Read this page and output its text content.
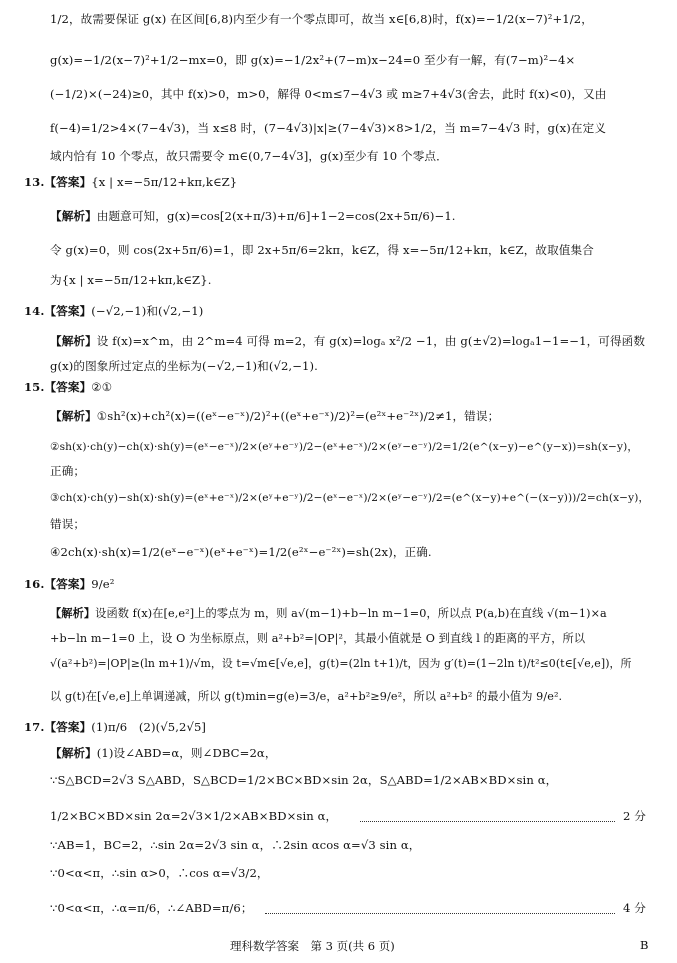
1/2，故需要保证 g(x) 在区间[6,8)内至少有一个零点即可，故当 x∈[6,8)时，f(x)=−1/2(x−7)²+1/2，
g(x)=−1/2(x−7)²+1/2−mx=0，即 g(x)=−1/2x²+(7−m)x−24=0 至少有一解，有(7−m)²−4×
(−1/2)×(−24)≥0，其中 f(x)>0，m>0，解得 0<m≤7−4√3 或 m≥7+4√3(舍去，此时 f(x)<0)，又由
f(−4)=1/2>4×(7−4√3)，当 x≤8 时，(7−4√3)|x|≥(7−4√3)×8>1/2，当 m=7−4√3 时，g(x)在定义
域内恰有 10 个零点，故只需要令 m∈(0,7−4√3]，g(x)至少有 10 个零点．
13.【答案】{x | x=−5π/12+kπ,k∈Z}
【解析】由题意可知，g(x)=cos[2(x+π/3)+π/6]+1−2=cos(2x+5π/6)−1.
令 g(x)=0，则 cos(2x+5π/6)=1，即 2x+5π/6=2kπ，k∈Z，得 x=−5π/12+kπ，k∈Z，故取值集合
为{x | x=−5π/12+kπ,k∈Z}.
14.【答案】(−√2,−1)和(√2,−1)
【解析】设 f(x)=x^m，由 2^m=4 可得 m=2，有 g(x)=logₐ x²/2 −1，由 g(±√2)=logₐ1−1=−1，可得函数
g(x)的图象所过定点的坐标为(−√2,−1)和(√2,−1).
15.【答案】②①
【解析】①sh²(x)+ch²(x)=((eˣ−e⁻ˣ)/2)²+((eˣ+e⁻ˣ)/2)²=(e²ˣ+e⁻²ˣ)/2≠1，错误；
②sh(x)·ch(y)−ch(x)·sh(y)=(eˣ−e⁻ˣ)/2×(eʸ+e⁻ʸ)/2−(eˣ+e⁻ˣ)/2×(eʸ−e⁻ʸ)/2=1/2(e^(x−y)−e^(y−x))=sh(x−y)，
正确；
③ch(x)·ch(y)−sh(x)·sh(y)=(eˣ+e⁻ˣ)/2×(eʸ+e⁻ʸ)/2−(eˣ−e⁻ˣ)/2×(eʸ−e⁻ʸ)/2=(e^(x−y)+e^(−(x−y)))/2=ch(x−y)，
错误；
④2ch(x)·sh(x)=1/2(eˣ−e⁻ˣ)(eˣ+e⁻ˣ)=1/2(e²ˣ−e⁻²ˣ)=sh(2x)，正确.
16.【答案】9/e²
【解析】设函数 f(x)在[e,e²]上的零点为 m，则 a√(m−1)+b−ln m−1=0，所以点 P(a,b)在直线 √(m−1)×a
+b−ln m−1=0 上，设 O 为坐标原点，则 a²+b²=|OP|²，其最小值就是 O 到直线 l 的距离的平方，所以
√(a²+b²)=|OP|≥(ln m+1)/√m，设 t=√m∈[√e,e]，g(t)=(2ln t+1)/t，因为 g′(t)=(1−2ln t)/t²≤0(t∈[√e,e])，所
以 g(t)在[√e,e]上单调递减，所以 g(t)min=g(e)=3/e，a²+b²≥9/e²，所以 a²+b² 的最小值为 9/e².
17.【答案】(1)π/6　(2)(√5,2√5]
【解析】(1)设∠ABD=α，则∠DBC=2α，
∵S△BCD=2√3 S△ABD，S△BCD=1/2×BC×BD×sin 2α，S△ABD=1/2×AB×BD×sin α，
1/2×BC×BD×sin 2α=2√3×1/2×AB×BD×sin α，	2 分
∵AB=1，BC=2，∴sin 2α=2√3 sin α，∴2sin αcos α=√3 sin α，
∵0<α<π，∴sin α>0，∴cos α=√3/2，
∵0<α<π，∴α=π/6，∴∠ABD=π/6；	4 分
理科数学答案　第 3 页(共 6 页)	B
